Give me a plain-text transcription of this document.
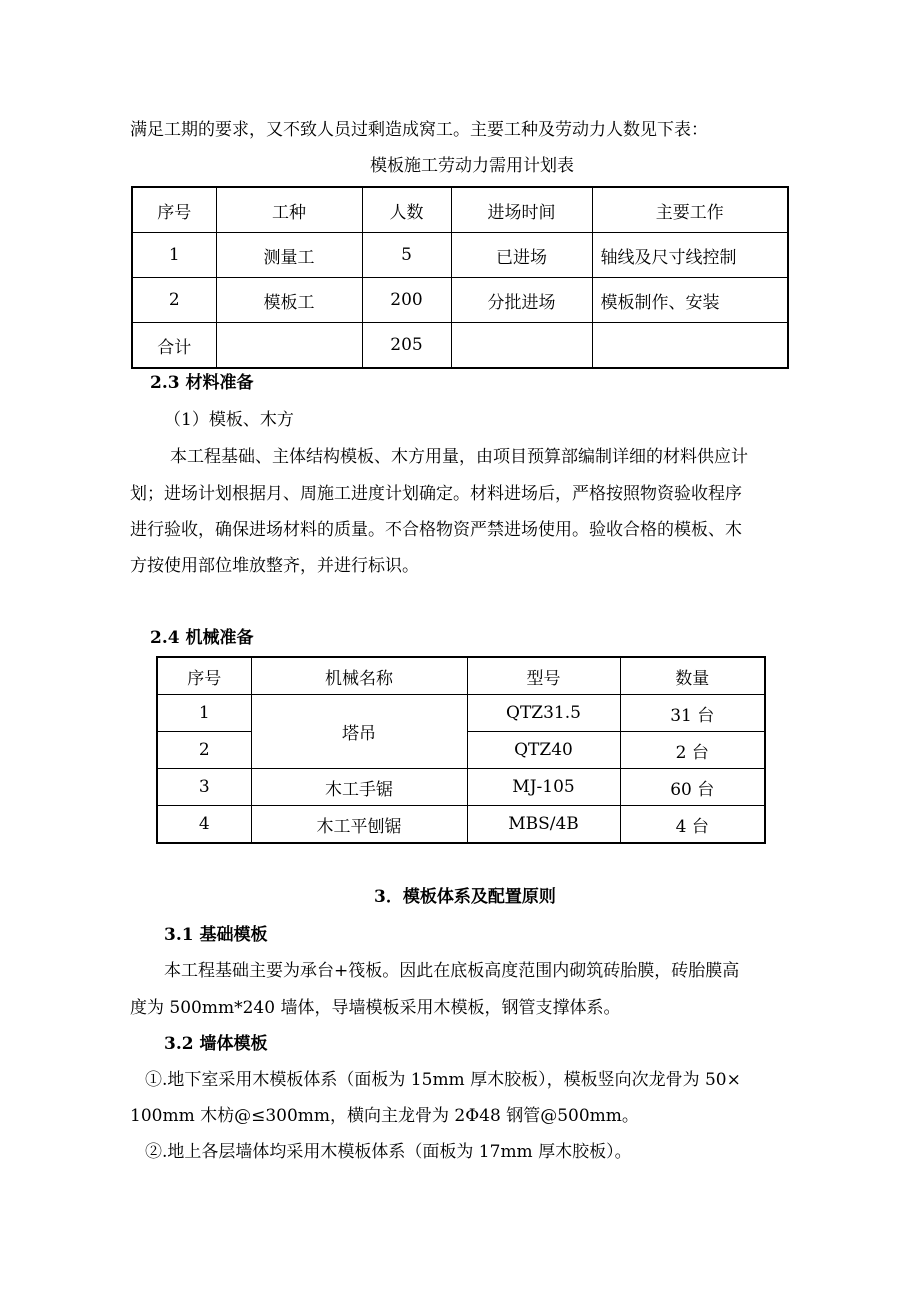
满足工期的要求，又不致人员过剩造成窝工。主要工种及劳动力人数见下表：
模板施工劳动力需用计划表
序号	工种	人数	进场时间	主要工作
1	测量工	5	已进场	轴线及尺寸线控制
2	模板工	200	分批进场	模板制作、安装
合计		205		
2.3 材料准备
（1）模板、木方
本工程基础、主体结构模板、木方用量，由项目预算部编制详细的材料供应计
划；进场计划根据月、周施工进度计划确定。材料进场后，严格按照物资验收程序
进行验收，确保进场材料的质量。不合格物资严禁进场使用。验收合格的模板、木
方按使用部位堆放整齐，并进行标识。
2.4 机械准备
序号	机械名称	型号	数量
1	塔吊	QTZ31.5	31 台
2		QTZ40	2 台
3	木工手锯	MJ-105	60 台
4	木工平刨锯	MBS/4B	4 台
3．模板体系及配置原则
3.1 基础模板
本工程基础主要为承台+筏板。因此在底板高度范围内砌筑砖胎膜，砖胎膜高
度为 500mm*240 墙体，导墙模板采用木模板，钢管支撑体系。
3.2 墙体模板
①.地下室采用木模板体系（面板为 15mm 厚木胶板），模板竖向次龙骨为 50×
100mm 木枋@≤300mm，横向主龙骨为 2Φ48 钢管@500mm。
②.地上各层墙体均采用木模板体系（面板为 17mm 厚木胶板）。
